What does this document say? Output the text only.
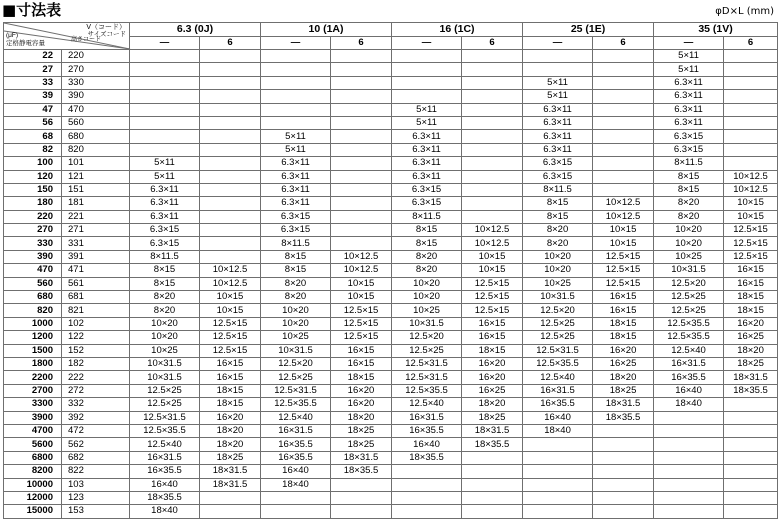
■寸法表	φD×L (mm)
V（コード）
サイズコード
高さコード
(μF)
定格静電容量		6.3 (0J)		10 (1A)		16 (1C)		25 (1E)		35 (1V)	
		—	6	—	6	—	6	—	6	—	6
22	220									5×11	
27	270									5×11	
33	330							5×11		6.3×11	
39	390							5×11		6.3×11	
47	470					5×11		6.3×11		6.3×11	
56	560					5×11		6.3×11		6.3×11	
68	680			5×11		6.3×11		6.3×11		6.3×15	
82	820			5×11		6.3×11		6.3×11		6.3×15	
100	101	5×11		6.3×11		6.3×11		6.3×15		8×11.5	
120	121	5×11		6.3×11		6.3×11		6.3×15		8×15	10×12.5
150	151	6.3×11		6.3×11		6.3×15		8×11.5		8×15	10×12.5
180	181	6.3×11		6.3×11		6.3×15		8×15	10×12.5	8×20	10×15
220	221	6.3×11		6.3×15		8×11.5		8×15	10×12.5	8×20	10×15
270	271	6.3×15		6.3×15		8×15	10×12.5	8×20	10×15	10×20	12.5×15
330	331	6.3×15		8×11.5		8×15	10×12.5	8×20	10×15	10×20	12.5×15
390	391	8×11.5		8×15	10×12.5	8×20	10×15	10×20	12.5×15	10×25	12.5×15
470	471	8×15	10×12.5	8×15	10×12.5	8×20	10×15	10×20	12.5×15	10×31.5	16×15
560	561	8×15	10×12.5	8×20	10×15	10×20	12.5×15	10×25	12.5×15	12.5×20	16×15
680	681	8×20	10×15	8×20	10×15	10×20	12.5×15	10×31.5	16×15	12.5×25	18×15
820	821	8×20	10×15	10×20	12.5×15	10×25	12.5×15	12.5×20	16×15	12.5×25	18×15
1000	102	10×20	12.5×15	10×20	12.5×15	10×31.5	16×15	12.5×25	18×15	12.5×35.5	16×20
1200	122	10×20	12.5×15	10×25	12.5×15	12.5×20	16×15	12.5×25	18×15	12.5×35.5	16×25
1500	152	10×25	12.5×15	10×31.5	16×15	12.5×25	18×15	12.5×31.5	16×20	12.5×40	18×20
1800	182	10×31.5	16×15	12.5×20	16×15	12.5×31.5	16×20	12.5×35.5	16×25	16×31.5	18×25
2200	222	10×31.5	16×15	12.5×25	18×15	12.5×31.5	16×20	12.5×40	18×20	16×35.5	18×31.5
2700	272	12.5×25	18×15	12.5×31.5	16×20	12.5×35.5	16×25	16×31.5	18×25	16×40	18×35.5
3300	332	12.5×25	18×15	12.5×35.5	16×20	12.5×40	18×20	16×35.5	18×31.5	18×40	
3900	392	12.5×31.5	16×20	12.5×40	18×20	16×31.5	18×25	16×40	18×35.5		
4700	472	12.5×35.5	18×20	16×31.5	18×25	16×35.5	18×31.5	18×40			
5600	562	12.5×40	18×20	16×35.5	18×25	16×40	18×35.5				
6800	682	16×31.5	18×25	16×35.5	18×31.5	18×35.5					
8200	822	16×35.5	18×31.5	16×40	18×35.5						
10000	103	16×40	18×31.5	18×40							
12000	123	18×35.5									
15000	153	18×40									
